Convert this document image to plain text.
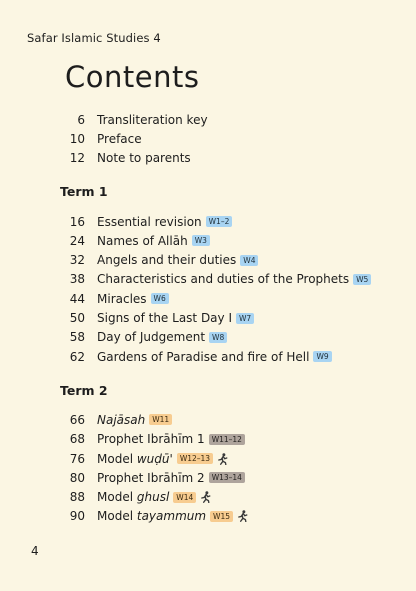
Safar Islamic Studies 4
Contents
6 Transliteration key
10 Preface
12 Note to parents
Term 1
16 Essential revision W1–2
24 Names of Allāh W3
32 Angels and their duties W4
38 Characteristics and duties of the Prophets W5
44 Miracles W6
50 Signs of the Last Day I W7
58 Day of Judgement W8
62 Gardens of Paradise and fire of Hell W9
Term 2
66 Najāsah W11
68 Prophet Ibrāhīm 1 W11–12
76 Model
wuḍū' W12–13
80 Prophet Ibrāhīm 2 W13–14
88 Model
ghusl W14
90 Model
tayammum W15
4
